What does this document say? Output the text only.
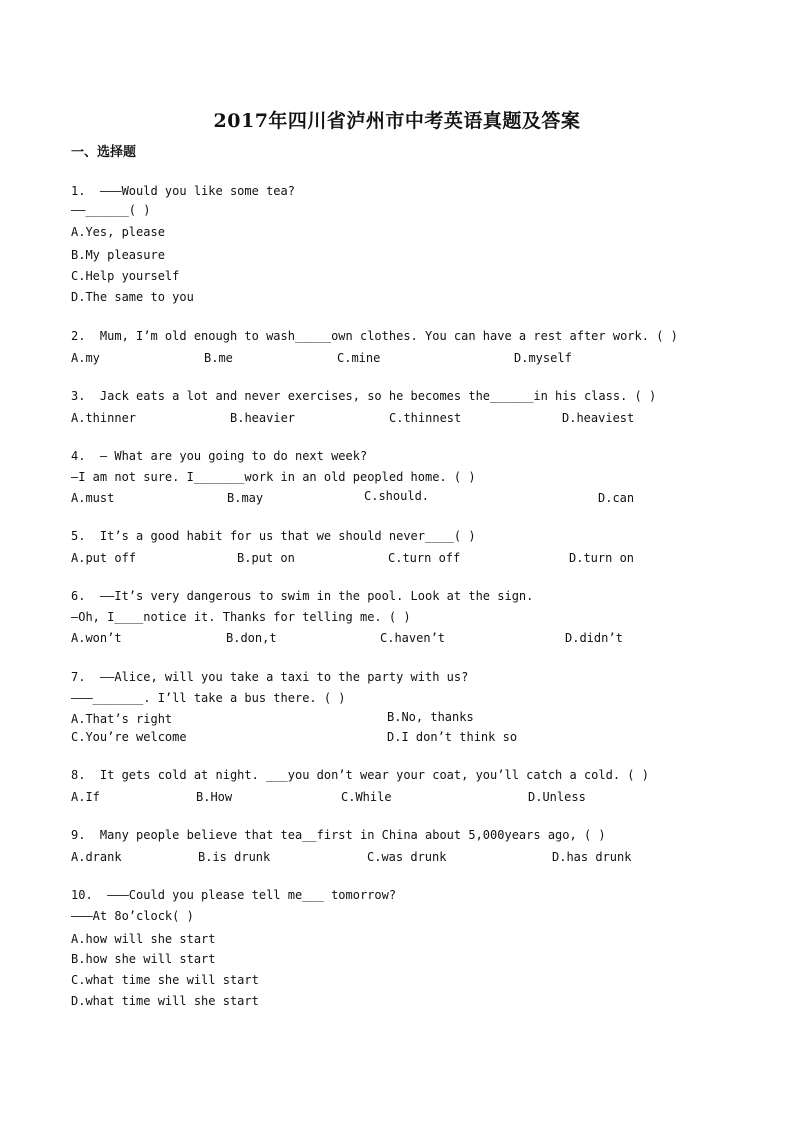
2017年四川省泸州市中考英语真题及答案
一、选择题
1.  ———Would you like some tea?
——______( )
A.Yes, please
B.My pleasure
C.Help yourself
D.The same to you
2.  Mum, I’m old enough to wash_____own clothes. You can have a rest after work. ( )
A.my	B.me	C.mine	D.myself
3.  Jack eats a lot and never exercises, so he becomes the______in his class. ( )
A.thinner	B.heavier	C.thinnest	D.heaviest
4.  — What are you going to do next week?
—I am not sure. I_______work in an old peopled home. ( )
A.must	B.may	C.should.	D.can
5.  It’s a good habit for us that we should never____( )
A.put off	B.put on	C.turn off	D.turn on
6.  ——It’s very dangerous to swim in the pool. Look at the sign.
—Oh, I____notice it. Thanks for telling me. ( )
A.won’t	B.don,t	C.haven’t	D.didn’t
7.  ——Alice, will you take a taxi to the party with us?
———_______. I’ll take a bus there. ( )
A.That’s right	B.No, thanks
C.You’re welcome	D.I don’t think so
8.  It gets cold at night. ___you don’t wear your coat, you’ll catch a cold. ( )
A.If	B.How	C.While	D.Unless
9.  Many people believe that tea__first in China about 5,000years ago, ( )
A.drank	B.is drunk	C.was drunk	D.has drunk
10.  ———Could you please tell me___ tomorrow?
———At 8o’clock( )
A.how will she start
B.how she will start
C.what time she will start
D.what time will she start
